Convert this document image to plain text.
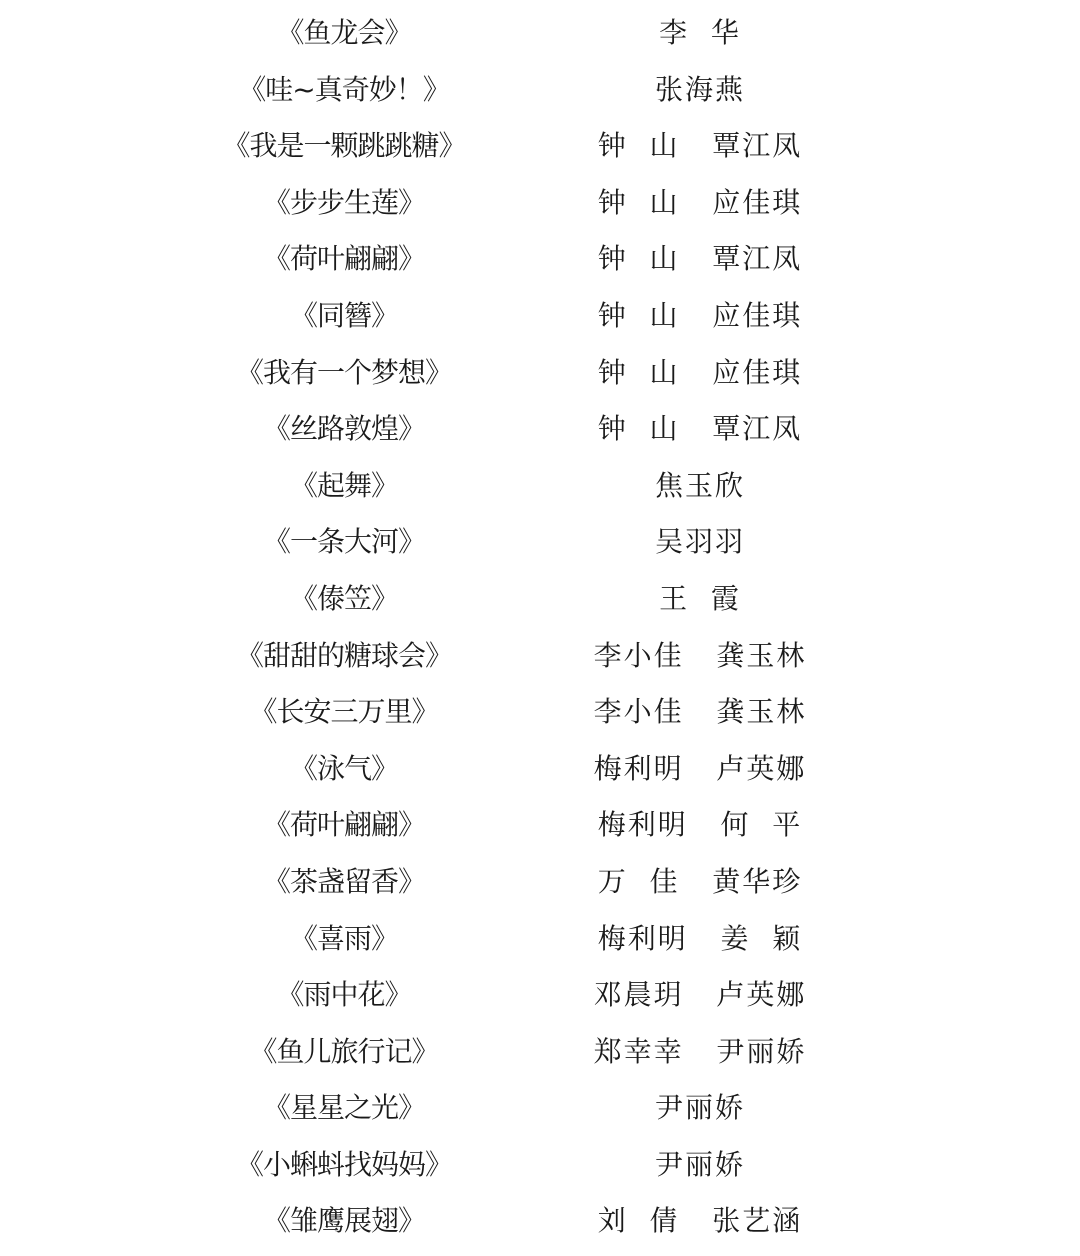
《鱼龙会》	李  华
《哇~真奇妙！》	张海燕
《我是一颗跳跳糖》	钟  山   覃江凤
《步步生莲》	钟  山   应佳琪
《荷叶翩翩》	钟  山   覃江凤
《同簪》	钟  山   应佳琪
《我有一个梦想》	钟  山   应佳琪
《丝路敦煌》	钟  山   覃江凤
《起舞》	焦玉欣
《一条大河》	吴羽羽
《傣笠》	王  霞
《甜甜的糖球会》	李小佳   龚玉林
《长安三万里》	李小佳   龚玉林
《泳气》	梅利明   卢英娜
《荷叶翩翩》	梅利明   何  平
《茶盏留香》	万  佳   黄华珍
《喜雨》	梅利明   姜  颖
《雨中花》	邓晨玥   卢英娜
《鱼儿旅行记》	郑幸幸   尹丽娇
《星星之光》	尹丽娇
《小蝌蚪找妈妈》	尹丽娇
《雏鹰展翅》	刘  倩   张艺涵
